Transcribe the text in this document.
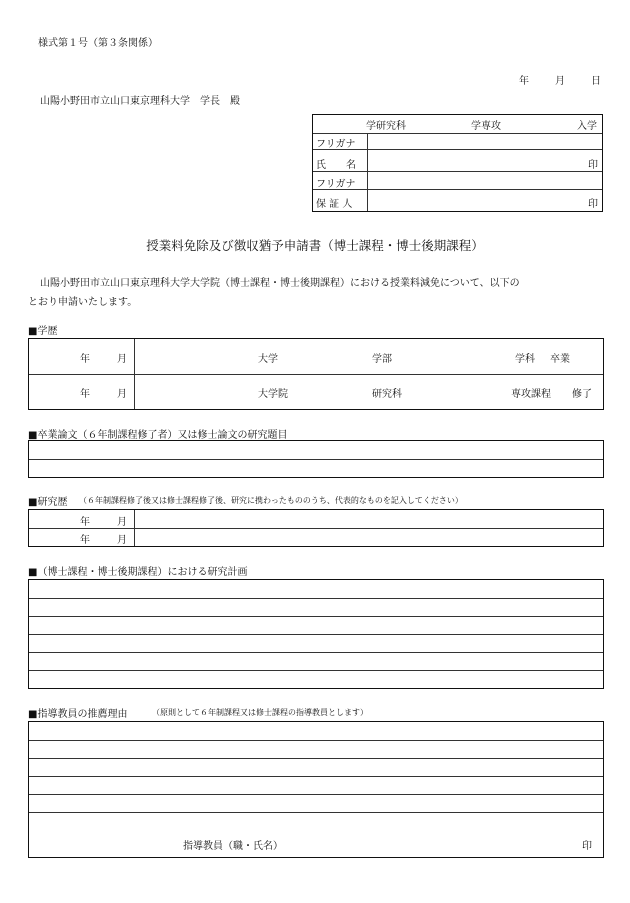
様式第１号（第３条関係）
年	月	日
山陽小野田市立山口東京理科大学　学長　殿
学研究科	学専攻	入学
フリガナ
氏　　名	印
フリガナ
保 証 人	印
授業料免除及び徴収猶予申請書（博士課程・博士後期課程）
山陽小野田市立山口東京理科大学大学院（博士課程・博士後期課程）における授業料減免について、以下の
とおり申請いたします。
■学歴
年	月	大学	学部	学科 卒業
年	月	大学院	研究科	専攻課程 修了
■卒業論文（６年制課程修了者）又は修士論文の研究題目
■研究歴 （６年制課程修了後又は修士課程修了後、研究に携わったもののうち、代表的なものを記入してください）
年	月
年	月
■（博士課程・博士後期課程）における研究計画
■指導教員の推薦理由	（原則として６年制課程又は修士課程の指導教員とします）
指導教員（職・氏名）	印
